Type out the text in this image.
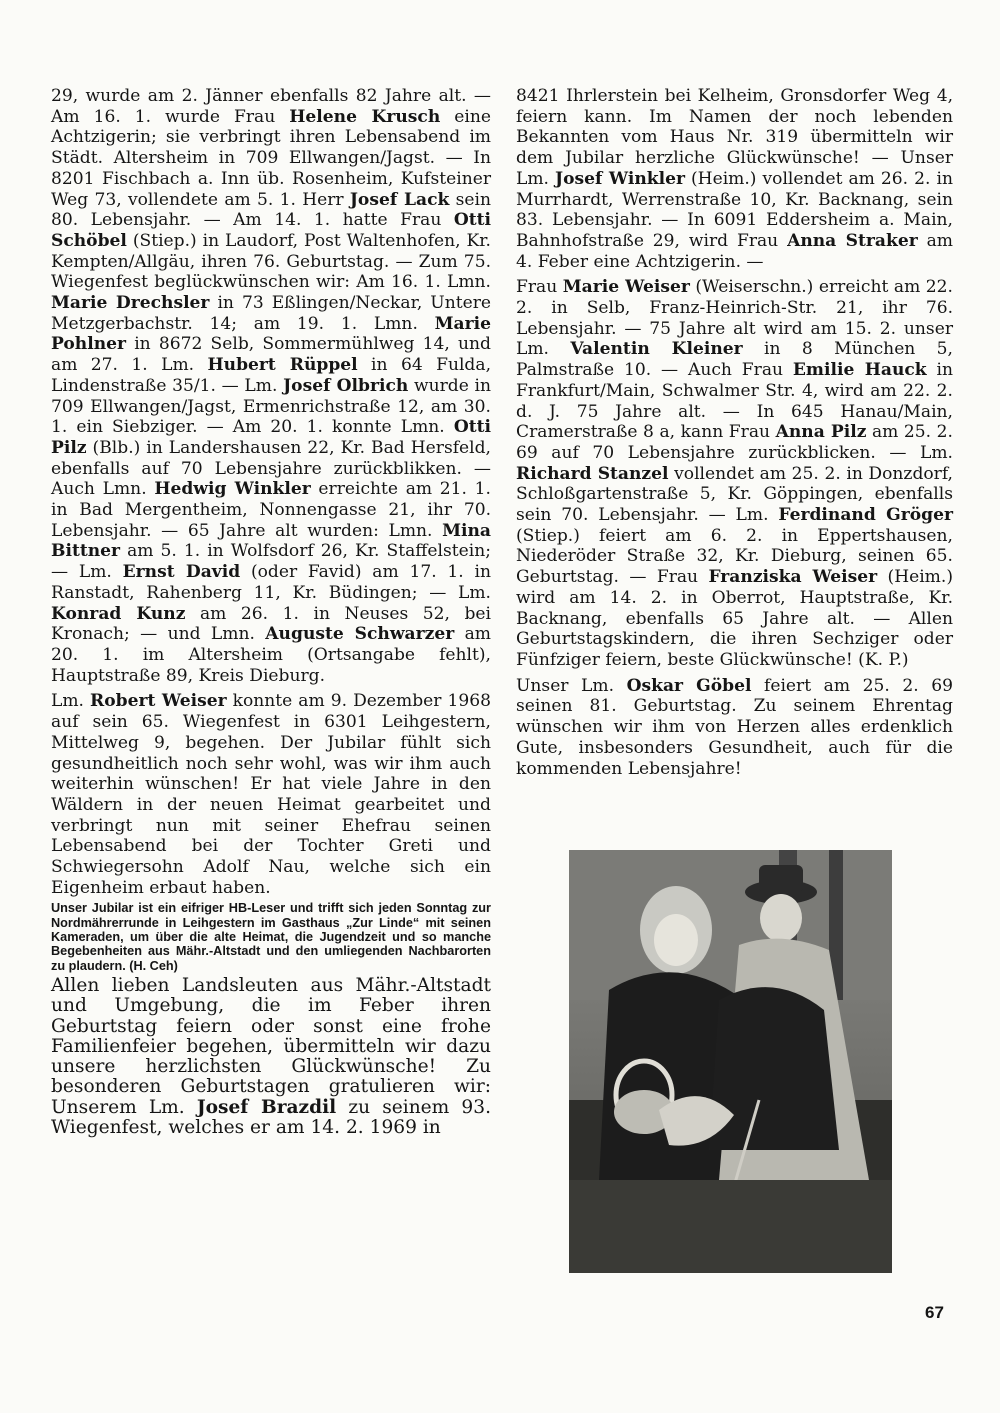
29, wurde am 2. Jänner ebenfalls 82 Jahre alt. — Am 16. 1. wurde Frau Helene Krusch eine Achtzigerin; sie verbringt ihren Lebensabend im Städt. Altersheim in 709 Ellwangen/Jagst. — In 8201 Fischbach a. Inn üb. Rosenheim, Kufsteiner Weg 73, vollendete am 5. 1. Herr Josef Lack sein 80. Lebensjahr. — Am 14. 1. hatte Frau Otti Schöbel (Stiep.) in Laudorf, Post Waltenhofen, Kr. Kempten/Allgäu, ihren 76. Geburtstag. — Zum 75. Wiegenfest beglückwünschen wir: Am 16. 1. Lmn. Marie Drechsler in 73 Eßlingen/Neckar, Untere Metzgerbachstr. 14; am 19. 1. Lmn. Marie Pohlner in 8672 Selb, Sommermühlweg 14, und am 27. 1. Lm. Hubert Rüppel in 64 Fulda, Lindenstraße 35/1. — Lm. Josef Olbrich wurde in 709 Ellwangen/Jagst, Ermenrichstraße 12, am 30. 1. ein Siebziger. — Am 20. 1. konnte Lmn. Otti Pilz (Blb.) in Landershausen 22, Kr. Bad Hersfeld, ebenfalls auf 70 Lebensjahre zurückblikken. — Auch Lmn. Hedwig Winkler erreichte am 21. 1. in Bad Mergentheim, Nonnengasse 21, ihr 70. Lebensjahr. — 65 Jahre alt wurden: Lmn. Mina Bittner am 5. 1. in Wolfsdorf 26, Kr. Staffelstein; — Lm. Ernst David (oder Favid) am 17. 1. in Ranstadt, Rahenberg 11, Kr. Büdingen; — Lm. Konrad Kunz am 26. 1. in Neuses 52, bei Kronach; — und Lmn. Auguste Schwarzer am 20. 1. im Altersheim (Ortsangabe fehlt), Hauptstraße 89, Kreis Dieburg.

Lm. Robert Weiser konnte am 9. Dezember 1968 auf sein 65. Wiegenfest in 6301 Leihgestern, Mittelweg 9, begehen. Der Jubilar fühlt sich gesundheitlich noch sehr wohl, was wir ihm auch weiterhin wünschen! Er hat viele Jahre in den Wäldern in der neuen Heimat gearbeitet und verbringt nun mit seiner Ehefrau seinen Lebensabend bei der Tochter Greti und Schwiegersohn Adolf Nau, welche sich ein Eigenheim erbaut haben.

Unser Jubilar ist ein eifriger HB-Leser und trifft sich jeden Sonntag zur Nordmährerrunde in Leihgestern im Gasthaus „Zur Linde“ mit seinen Kameraden, um über die alte Heimat, die Jugendzeit und so manche Begebenheiten aus Mähr.-Altstadt und den umliegenden Nachbarorten zu plaudern. (H. Ceh)

Allen lieben Landsleuten aus Mähr.-Altstadt und Umgebung, die im Feber ihren Geburtstag feiern oder sonst eine frohe Familienfeier begehen, übermitteln wir dazu unsere herzlichsten Glückwünsche! Zu besonderen Geburtstagen gratulieren wir: Unserem Lm. Josef Brazdil zu seinem 93. Wiegenfest, welches er am 14. 2. 1969 in

8421 Ihrlerstein bei Kelheim, Gronsdorfer Weg 4, feiern kann. Im Namen der noch lebenden Bekannten vom Haus Nr. 319 übermitteln wir dem Jubilar herzliche Glückwünsche! — Unser Lm. Josef Winkler (Heim.) vollendet am 26. 2. in Murrhardt, Werrenstraße 10, Kr. Backnang, sein 83. Lebensjahr. — In 6091 Eddersheim a. Main, Bahnhofstraße 29, wird Frau Anna Straker am 4. Feber eine Achtzigerin. —

Frau Marie Weiser (Weiserschn.) erreicht am 22. 2. in Selb, Franz-Heinrich-Str. 21, ihr 76. Lebensjahr. — 75 Jahre alt wird am 15. 2. unser Lm. Valentin Kleiner in 8 München 5, Palmstraße 10. — Auch Frau Emilie Hauck in Frankfurt/Main, Schwalmer Str. 4, wird am 22. 2. d. J. 75 Jahre alt. — In 645 Hanau/Main, Cramerstraße 8 a, kann Frau Anna Pilz am 25. 2. 69 auf 70 Lebensjahre zurückblicken. — Lm. Richard Stanzel vollendet am 25. 2. in Donzdorf, Schloßgartenstraße 5, Kr. Göppingen, ebenfalls sein 70. Lebensjahr. — Lm. Ferdinand Gröger (Stiep.) feiert am 6. 2. in Eppertshausen, Niederöder Straße 32, Kr. Dieburg, seinen 65. Geburtstag. — Frau Franziska Weiser (Heim.) wird am 14. 2. in Oberrot, Hauptstraße, Kr. Backnang, ebenfalls 65 Jahre alt. — Allen Geburtstagskindern, die ihren Sechziger oder Fünfziger feiern, beste Glückwünsche! (K. P.)

Unser Lm. Oskar Göbel feiert am 25. 2. 69 seinen 81. Geburtstag. Zu seinem Ehrentag wünschen wir ihm von Herzen alles erdenklich Gute, insbesonders Gesundheit, auch für die kommenden Lebensjahre!

67
